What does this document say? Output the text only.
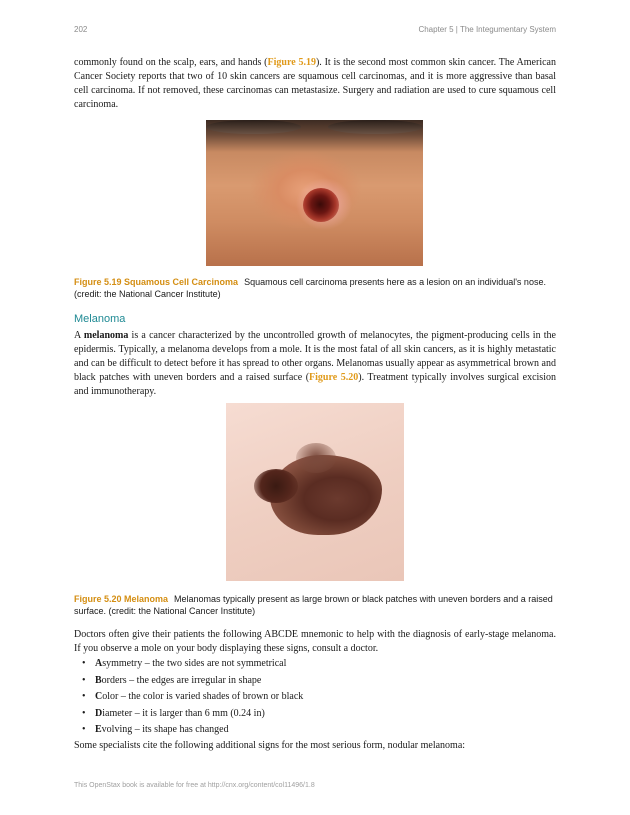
202	Chapter 5 | The Integumentary System

commonly found on the scalp, ears, and hands (Figure 5.19). It is the second most common skin cancer. The American Cancer Society reports that two of 10 skin cancers are squamous cell carcinomas, and it is more aggressive than basal cell carcinoma. If not removed, these carcinomas can metastasize. Surgery and radiation are used to cure squamous cell carcinoma.

Figure 5.19 Squamous Cell Carcinoma Squamous cell carcinoma presents here as a lesion on an individual's nose. (credit: the National Cancer Institute)
Melanoma

A melanoma is a cancer characterized by the uncontrolled growth of melanocytes, the pigment-producing cells in the epidermis. Typically, a melanoma develops from a mole. It is the most fatal of all skin cancers, as it is highly metastatic and can be difficult to detect before it has spread to other organs. Melanomas usually appear as asymmetrical brown and black patches with uneven borders and a raised surface (Figure 5.20). Treatment typically involves surgical excision and immunotherapy.

Figure 5.20 Melanoma Melanomas typically present as large brown or black patches with uneven borders and a raised surface. (credit: the National Cancer Institute)

Doctors often give their patients the following ABCDE mnemonic to help with the diagnosis of early-stage melanoma. If you observe a mole on your body displaying these signs, consult a doctor.

• Asymmetry – the two sides are not symmetrical
• Borders – the edges are irregular in shape
• Color – the color is varied shades of brown or black
• Diameter – it is larger than 6 mm (0.24 in)
• Evolving – its shape has changed

Some specialists cite the following additional signs for the most serious form, nodular melanoma:

This OpenStax book is available for free at http://cnx.org/content/col11496/1.8
